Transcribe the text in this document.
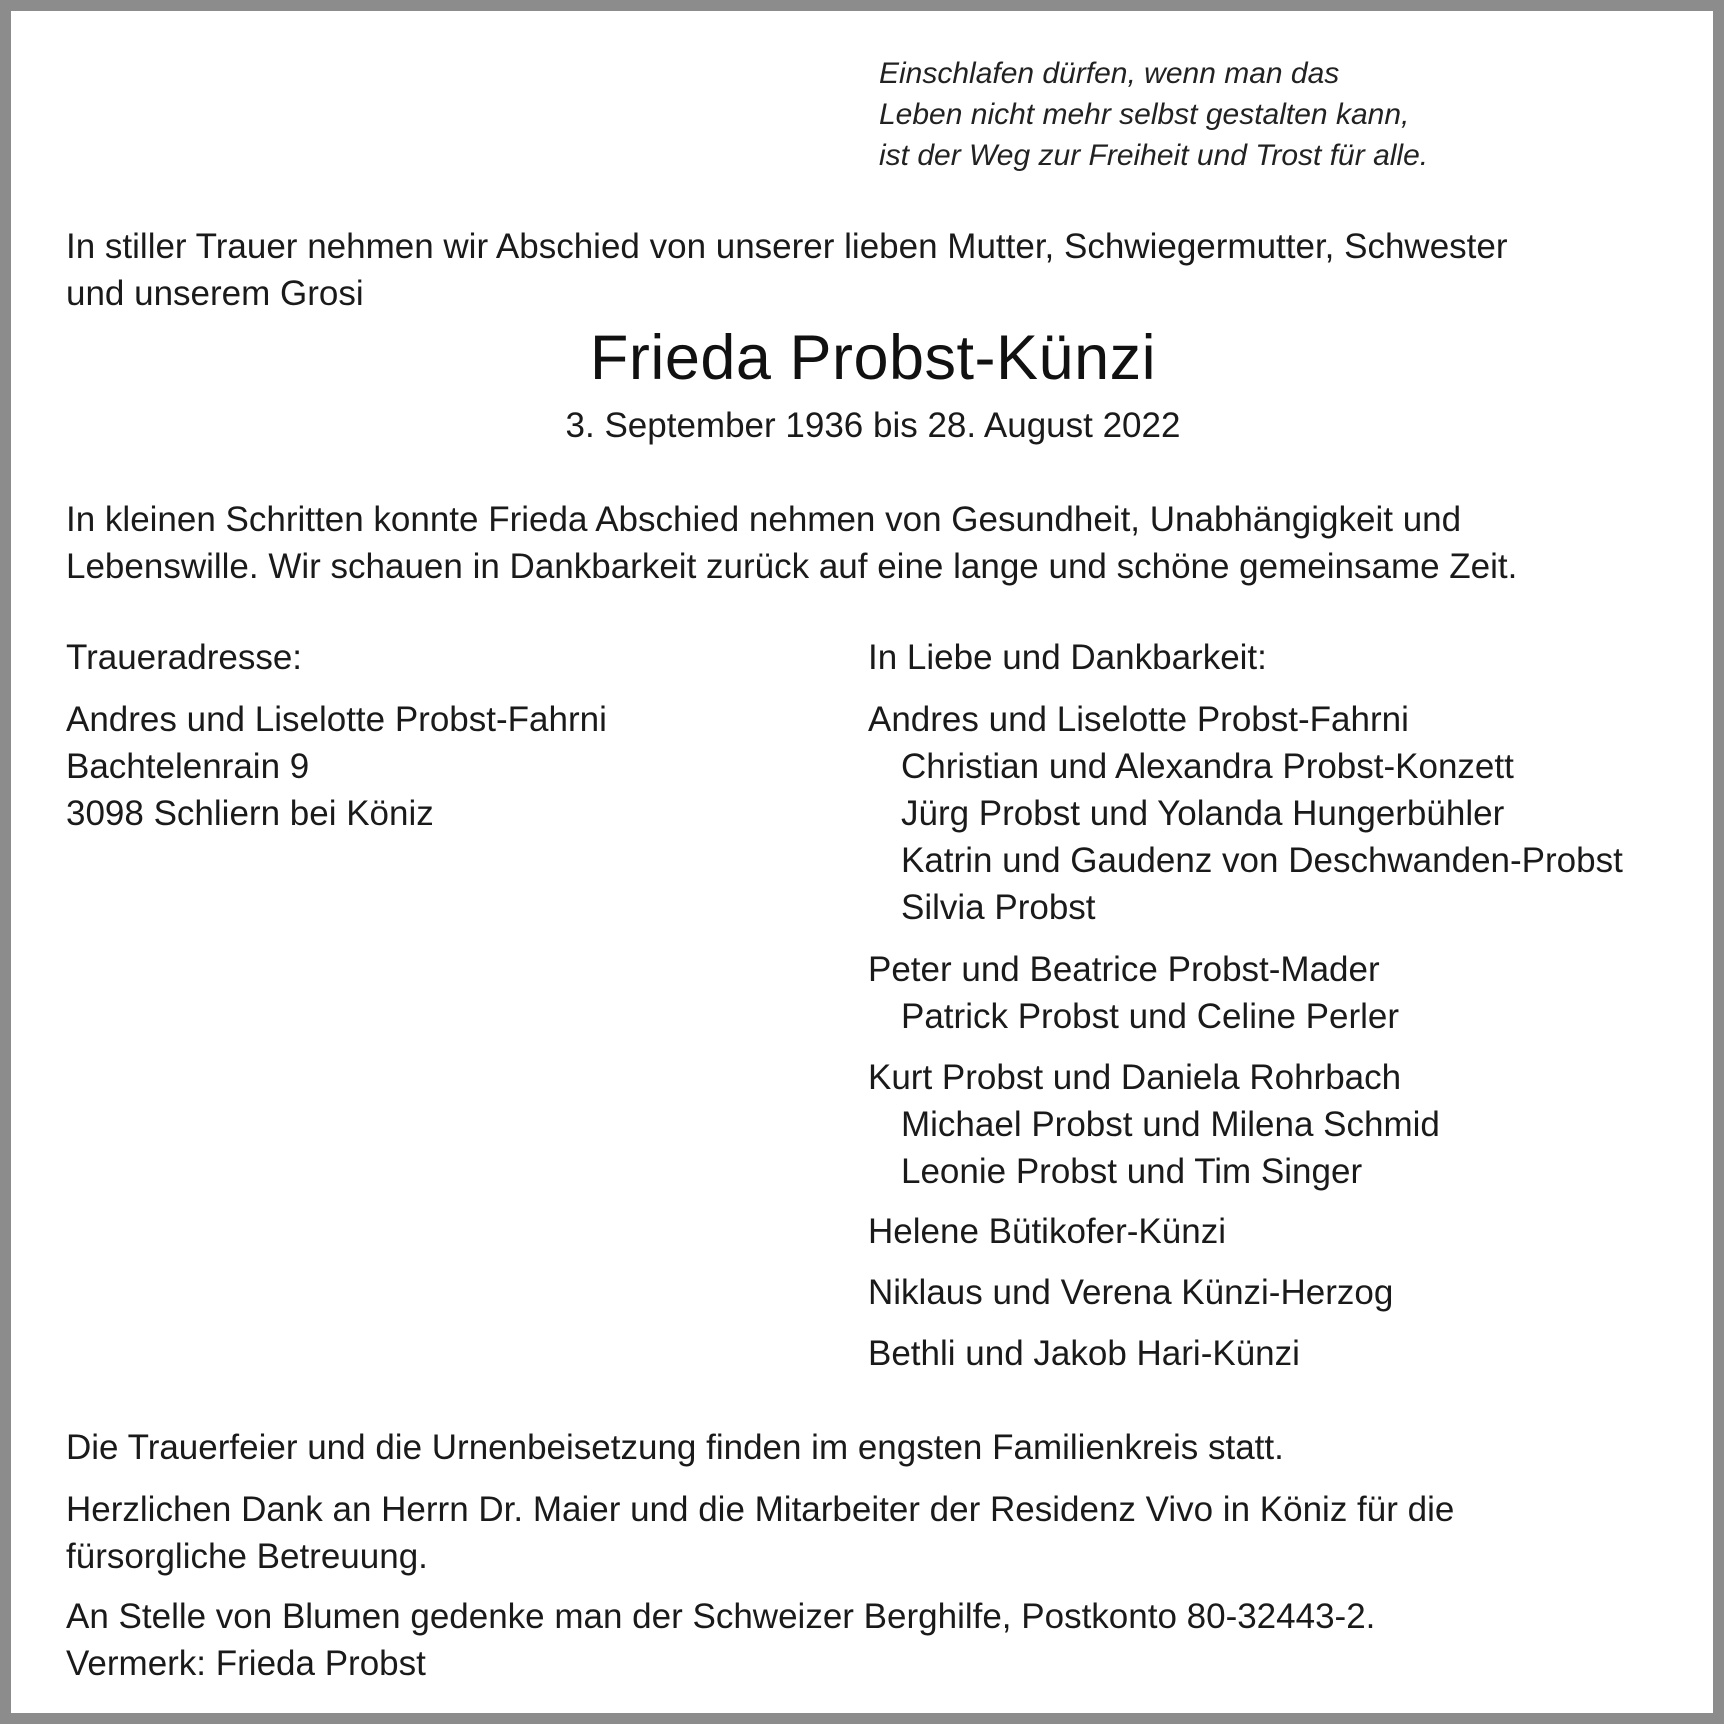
Einschlafen dürfen, wenn man das
Leben nicht mehr selbst gestalten kann,
ist der Weg zur Freiheit und Trost für alle.
In stiller Trauer nehmen wir Abschied von unserer lieben Mutter, Schwiegermutter, Schwester
und unserem Grosi
Frieda Probst-Künzi
3. September 1936 bis 28. August 2022
In kleinen Schritten konnte Frieda Abschied nehmen von Gesundheit, Unabhängigkeit und
Lebenswille. Wir schauen in Dankbarkeit zurück auf eine lange und schöne gemeinsame Zeit.
Traueradresse:
Andres und Liselotte Probst-Fahrni
Bachtelenrain 9
3098 Schliern bei Köniz
In Liebe und Dankbarkeit:
Andres und Liselotte Probst-Fahrni
Christian und Alexandra Probst-Konzett
Jürg Probst und Yolanda Hungerbühler
Katrin und Gaudenz von Deschwanden-Probst
Silvia Probst
Peter und Beatrice Probst-Mader
Patrick Probst und Celine Perler
Kurt Probst und Daniela Rohrbach
Michael Probst und Milena Schmid
Leonie Probst und Tim Singer
Helene Bütikofer-Künzi
Niklaus und Verena Künzi-Herzog
Bethli und Jakob Hari-Künzi
Die Trauerfeier und die Urnenbeisetzung finden im engsten Familienkreis statt.
Herzlichen Dank an Herrn Dr. Maier und die Mitarbeiter der Residenz Vivo in Köniz für die
fürsorgliche Betreuung.
An Stelle von Blumen gedenke man der Schweizer Berghilfe, Postkonto 80-32443-2.
Vermerk: Frieda Probst
